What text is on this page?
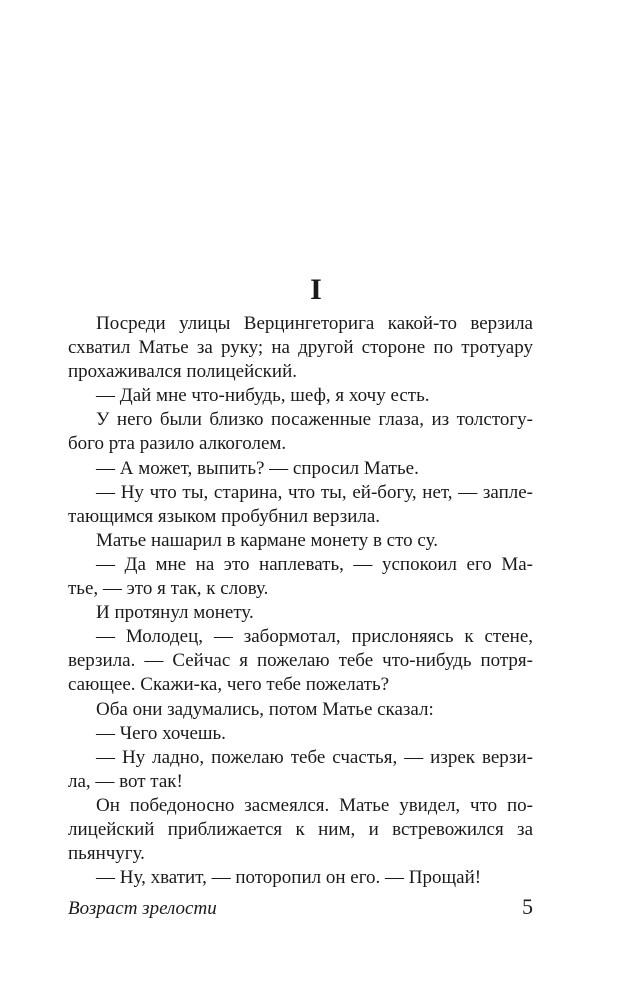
I
Посреди улицы Верцингеторига какой-то верзила
схватил Матье за руку; на другой стороне по тротуару
прохаживался полицейский.
— Дай мне что-нибудь, шеф, я хочу есть.
У него были близко посаженные глаза, из толстогу-
бого рта разило алкоголем.
— А может, выпить? — спросил Матье.
— Ну что ты, старина, что ты, ей-богу, нет, — запле-
тающимся языком пробубнил верзила.
Матье нашарил в кармане монету в сто су.
— Да мне на это наплевать, — успокоил его Ма-
тье, — это я так, к слову.
И протянул монету.
— Молодец, — забормотал, прислоняясь к стене,
верзила. — Сейчас я пожелаю тебе что-нибудь потря-
сающее. Скажи-ка, чего тебе пожелать?
Оба они задумались, потом Матье сказал:
— Чего хочешь.
— Ну ладно, пожелаю тебе счастья, — изрек верзи-
ла, — вот так!
Он победоносно засмеялся. Матье увидел, что по-
лицейский приближается к ним, и встревожился за
пьянчугу.
— Ну, хватит, — поторопил он его. — Прощай!
Возраст зрелости	5
